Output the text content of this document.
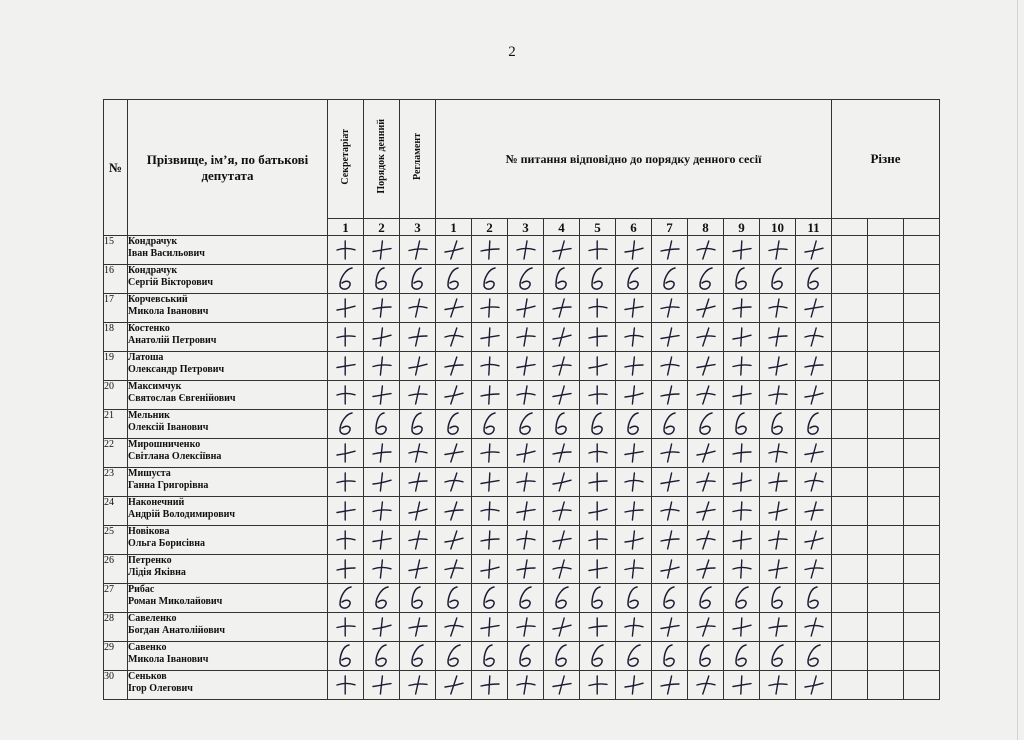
2
№	Прізвище, ім’я, по батькові депутата	Секретаріат	Порядок денний	Регламент	№ питання відповідно до порядку денного сесії											Різне		
		1	2	3	1	2	3	4	5	6	7	8	9	10	11			
15	Кондрачук
Іван Васильович

16	Кондрачук
Сергій Вікторович

17	Корчевський
Микола Іванович

18	Костенко
Анатолій Петрович

19	Латоша
Олександр Петрович

20	Максимчук
Святослав Євгенійович

21	Мельник
Олексій Іванович

22	Мирошниченко
Світлана Олексіївна

23	Мишуста
Ганна Григорівна

24	Наконечний
Андрій Володимирович

25	Новікова
Ольга Борисівна

26	Петренко
Лідія Яківна

27	Рибас
Роман Миколайович

28	Савеленко
Богдан Анатолійович

29	Савенко
Микола Іванович

30	Сеньков
Ігор Олегович
